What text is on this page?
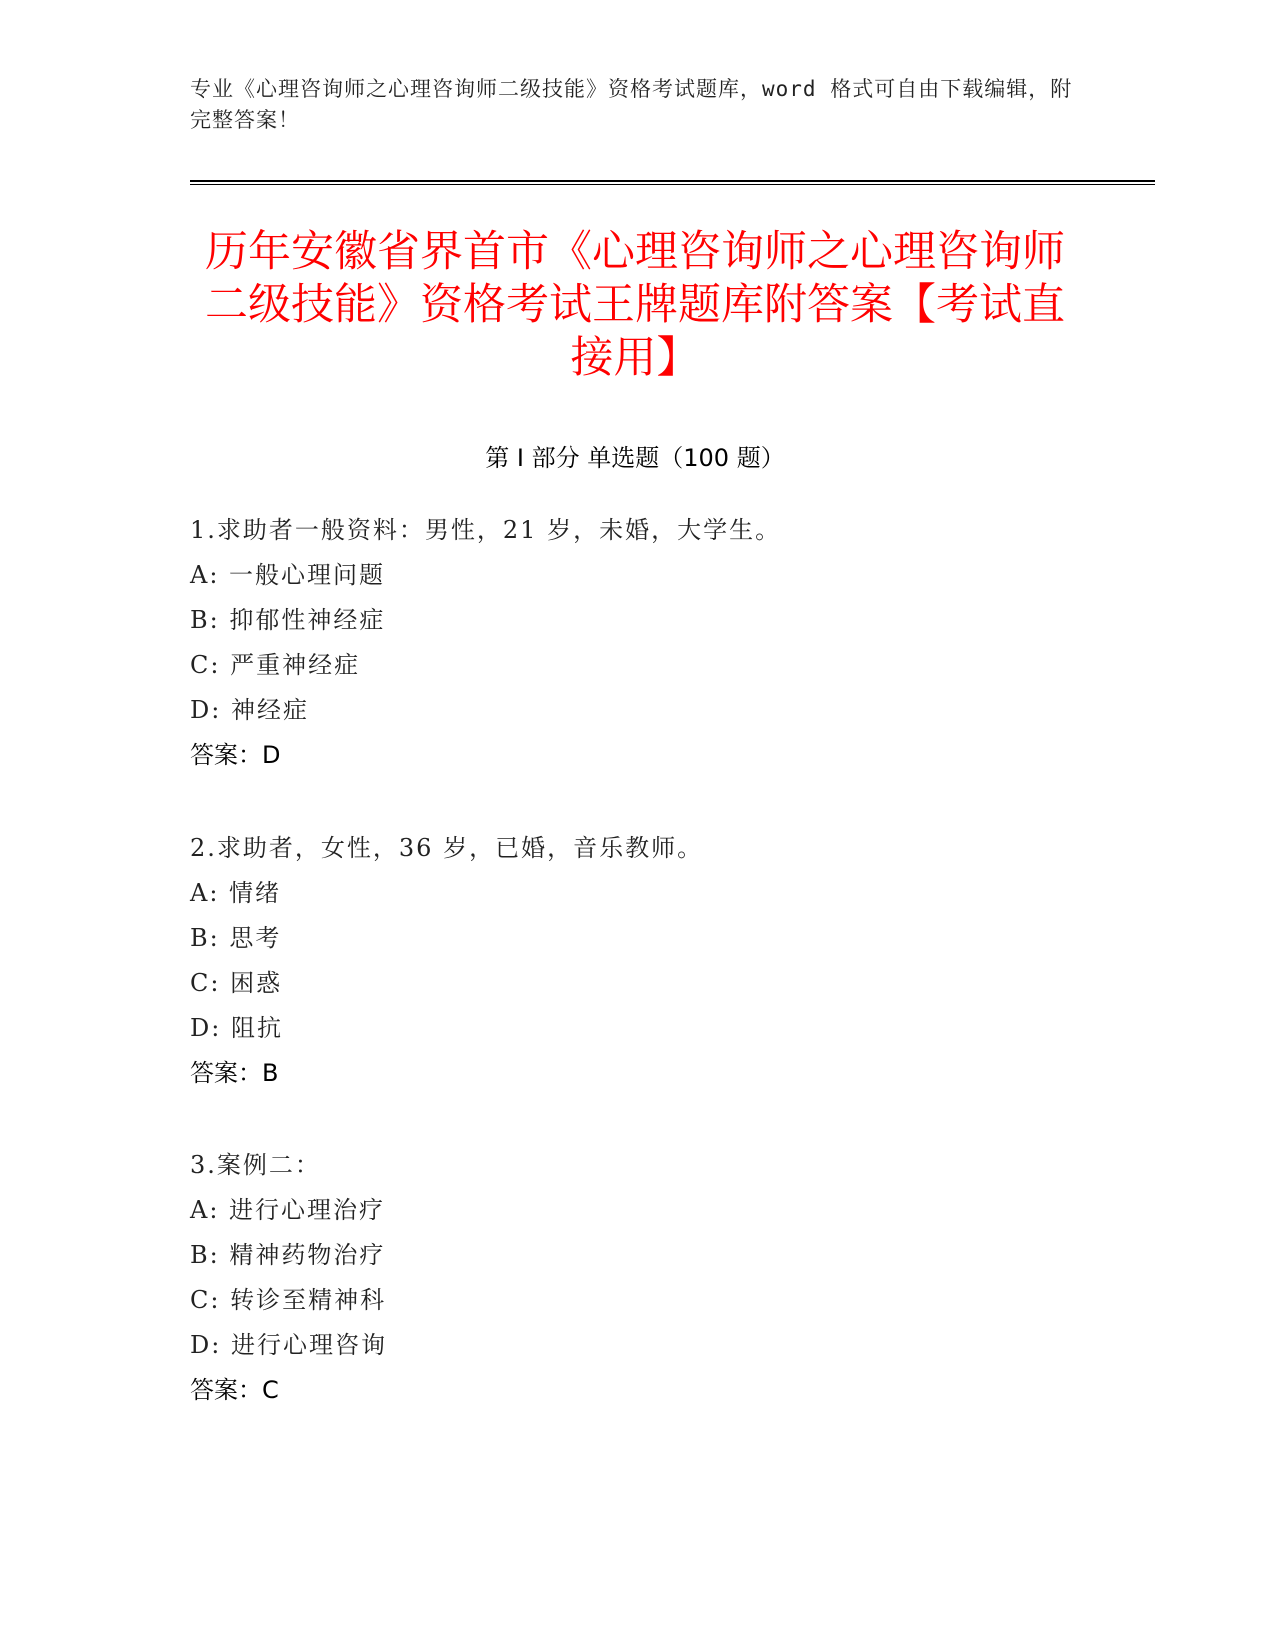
专业《心理咨询师之心理咨询师二级技能》资格考试题库，word 格式可自由下载编辑，附完整答案！
历年安徽省界首市《心理咨询师之心理咨询师二级技能》资格考试王牌题库附答案【考试直接用】
第 I 部分 单选题（100 题）
1.求助者一般资料：男性，21 岁，未婚，大学生。
A: 一般心理问题
B: 抑郁性神经症
C: 严重神经症
D: 神经症
答案：D
2.求助者，女性，36 岁，已婚，音乐教师。
A: 情绪
B: 思考
C: 困惑
D: 阻抗
答案：B
3.案例二：
A: 进行心理治疗
B: 精神药物治疗
C: 转诊至精神科
D: 进行心理咨询
答案：C
